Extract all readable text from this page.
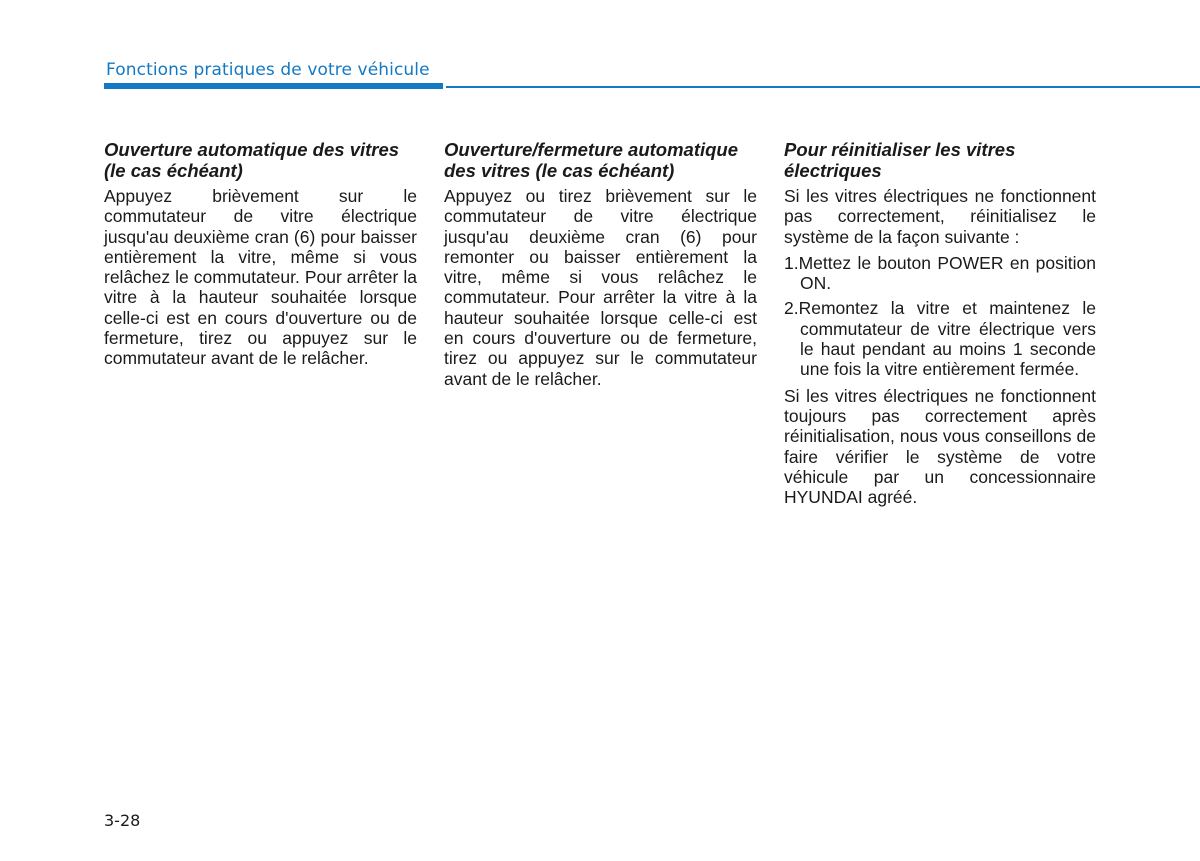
Fonctions pratiques de votre véhicule
Ouverture automatique des vitres (le cas échéant)

Appuyez brièvement sur le commutateur de vitre électrique jusqu'au deuxième cran (6) pour baisser entièrement la vitre, même si vous relâchez le commutateur. Pour arrêter la vitre à la hauteur souhaitée lorsque celle-ci est en cours d'ouverture ou de fermeture, tirez ou appuyez sur le commutateur avant de le relâcher.

Ouverture/fermeture automatique des vitres (le cas échéant)

Appuyez ou tirez brièvement sur le commutateur de vitre électrique jusqu'au deuxième cran (6) pour remonter ou baisser entièrement la vitre, même si vous relâchez le commutateur. Pour arrêter la vitre à la hauteur souhaitée lorsque celle-ci est en cours d'ouverture ou de fermeture, tirez ou appuyez sur le commutateur avant de le relâcher.

Pour réinitialiser les vitres électriques

Si les vitres électriques ne fonctionnent pas correctement, réinitialisez le système de la façon suivante :

1.Mettez le bouton POWER en position ON.
2.Remontez la vitre et maintenez le commutateur de vitre électrique vers le haut pendant au moins 1 seconde une fois la vitre entièrement fermée.

Si les vitres électriques ne fonctionnent toujours pas correctement après réinitialisation, nous vous conseillons de faire vérifier le système de votre véhicule par un concessionnaire HYUNDAI agréé.

3-28
